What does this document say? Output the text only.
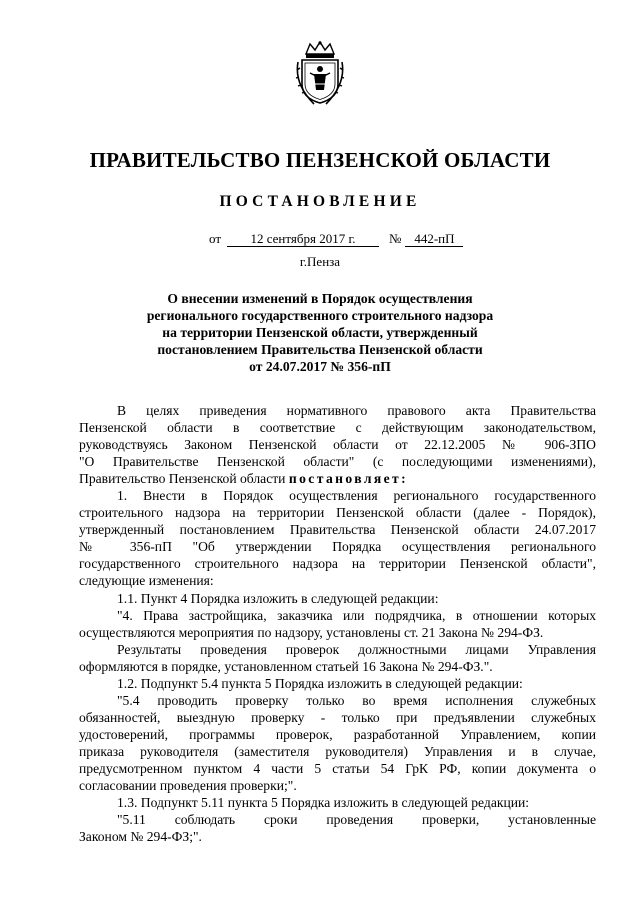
ПРАВИТЕЛЬСТВО ПЕНЗЕНСКОЙ ОБЛАСТИ
ПОСТАНОВЛЕНИЕ
от 12 сентября 2017 г.	№ 442-пП
г.Пенза
О внесении изменений в Порядок осуществления
регионального государственного строительного надзора
на территории Пензенской области, утвержденный
постановлением Правительства Пензенской области
от 24.07.2017 № 356-пП
В целях приведения нормативного правового акта Правительства
Пензенской области в соответствие с действующим законодательством,
руководствуясь Законом Пензенской области от 22.12.2005 № 906-ЗПО
"О Правительстве Пензенской области" (с последующими изменениями),
Правительство Пензенской области постановляет:
1. Внести в Порядок осуществления регионального государственного
строительного надзора на территории Пензенской области (далее - Порядок),
утвержденный постановлением Правительства Пензенской области 24.07.2017
№ 356-пП "Об утверждении Порядка осуществления регионального
государственного строительного надзора на территории Пензенской области",
следующие изменения:
1.1. Пункт 4 Порядка изложить в следующей редакции:
"4. Права застройщика, заказчика или подрядчика, в отношении которых
осуществляются мероприятия по надзору, установлены ст. 21 Закона № 294-ФЗ.
Результаты проведения проверок должностными лицами Управления
оформляются в порядке, установленном статьей 16 Закона № 294-ФЗ.".
1.2. Подпункт 5.4 пункта 5 Порядка изложить в следующей редакции:
"5.4 проводить проверку только во время исполнения служебных
обязанностей, выездную проверку - только при предъявлении служебных
удостоверений, программы проверок, разработанной Управлением, копии
приказа руководителя (заместителя руководителя) Управления и в случае,
предусмотренном пунктом 4 части 5 статьи 54 ГрК РФ, копии документа о
согласовании проведения проверки;".
1.3. Подпункт 5.11 пункта 5 Порядка изложить в следующей редакции:
"5.11 соблюдать сроки проведения проверки, установленные
Законом № 294-ФЗ;".
